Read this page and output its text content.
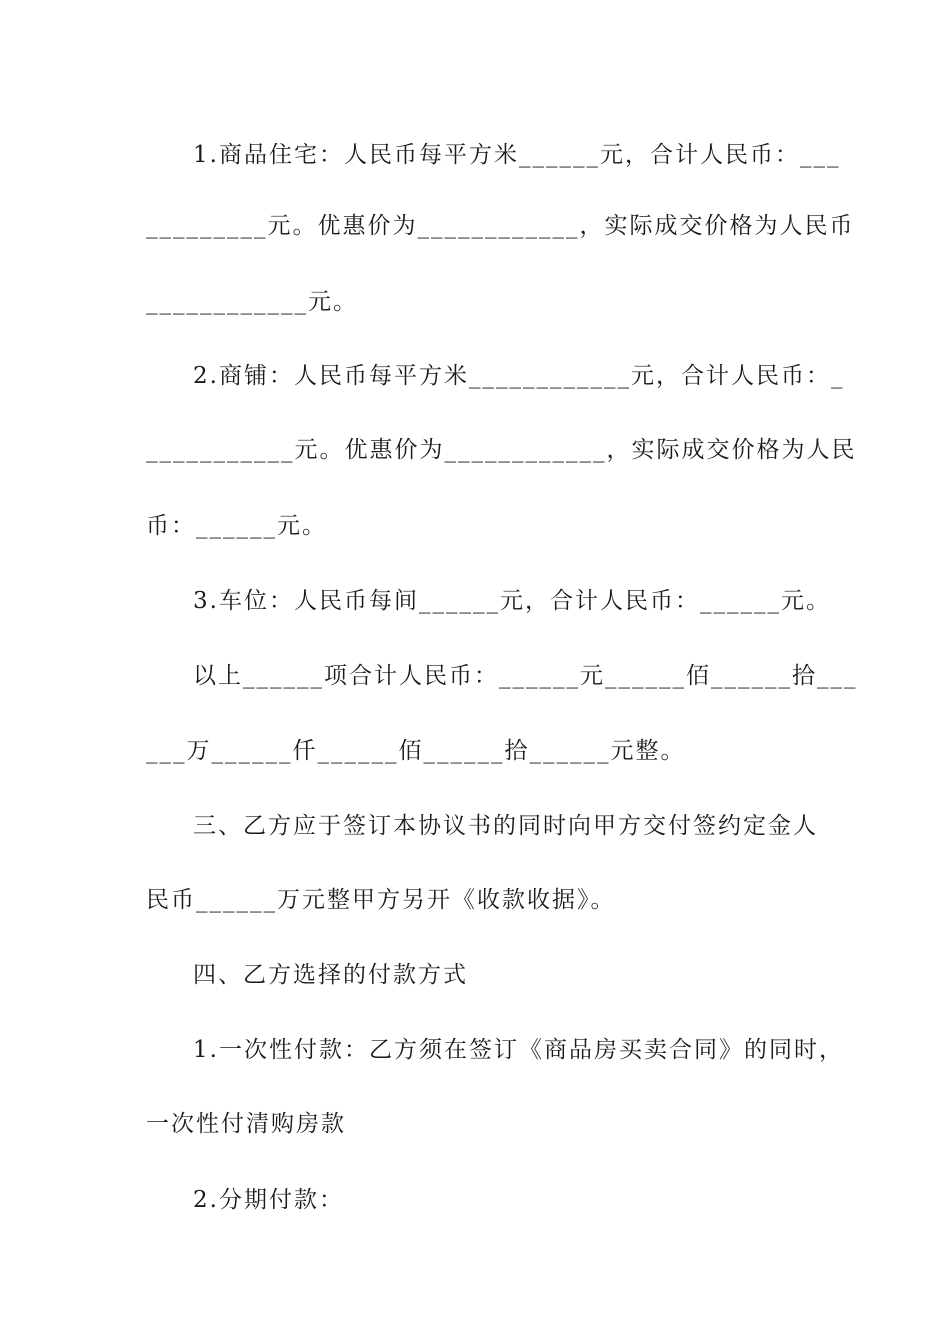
1.商品住宅：人民币每平方米______元，合计人民币：___
_________元。优惠价为____________，实际成交价格为人民币
____________元。
2.商铺：人民币每平方米____________元，合计人民币：_
___________元。优惠价为____________，实际成交价格为人民
币：______元。
3.车位：人民币每间______元，合计人民币：______元。
以上______项合计人民币：______元______佰______拾___
___万______仟______佰______拾______元整。
三、乙方应于签订本协议书的同时向甲方交付签约定金人
民币______万元整甲方另开《收款收据》。
四、乙方选择的付款方式
1.一次性付款：乙方须在签订《商品房买卖合同》的同时，
一次性付清购房款
2.分期付款：
